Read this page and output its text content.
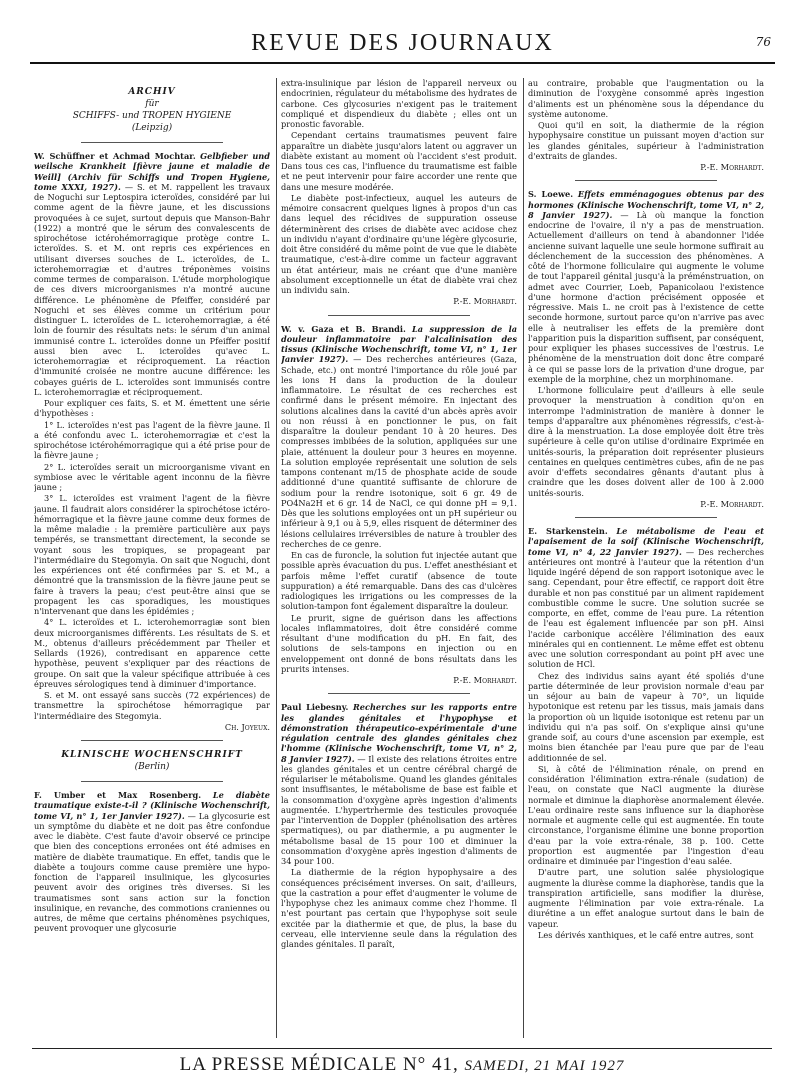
REVUE DES JOURNAUX	76
ARCHIV
für
SCHIFFS- und TROPEN HYGIENE
(Leipzig)

W. Schüffner et Achmad Mochtar. Gelbfieber und weilsche Krankheit [fièvre jaune et maladie de Weill] (Archiv für Schiffs und Tropen Hygiene, tome XXXI, 1927). — S. et M. rappellent les travaux de Noguchi sur Leptospira icteroïdes, considéré par lui comme agent de la fièvre jaune, et les discussions provoquées à ce sujet, surtout depuis que Manson-Bahr (1922) a montré que le sérum des convalescents de spirochétose ictérohémorragique protège contre L. icteroïdes. S. et M. ont repris ces expériences en utilisant diverses souches de L. icteroïdes, de L. icterohemorragiæ et d'autres tréponèmes voisins comme termes de comparaison. L'étude morphologique de ces divers microorganismes n'a montré aucune différence. Le phénomène de Pfeiffer, considéré par Noguchi et ses élèves comme un critérium pour distinguer L. icteroïdes de L. icterohemorragiæ, a été loin de fournir des résultats nets: le sérum d'un animal immunisé contre L. icteroïdes donne un Pfeiffer positif aussi bien avec L. icteroïdes qu'avec L. icterohemorragiæ et réciproquement. La réaction d'immunité croisée ne montre aucune différence: les cobayes guéris de L. icteroïdes sont immunisés contre L. icterohemorragiæ et réciproquement.

Pour expliquer ces faits, S. et M. émettent une série d'hypothèses :

1° L. icteroïdes n'est pas l'agent de la fièvre jaune. Il a été confondu avec L. icterohemorragiæ et c'est la spirochétose ictérohémorragique qui a été prise pour de la fièvre jaune ;

2° L. icteroïdes serait un microorganisme vivant en symbiose avec le véritable agent inconnu de la fièvre jaune ;

3° L. icteroïdes est vraiment l'agent de la fièvre jaune. Il faudrait alors considérer la spirochétose ictéro-hémorragique et la fièvre jaune comme deux formes de la même maladie : la première particulière aux pays tempérés, se transmettant directement, la seconde se voyant sous les tropiques, se propageant par l'intermédiaire du Stegomyia. On sait que Noguchi, dont les expériences ont été confirmées par S. et M., a démontré que la transmission de la fièvre jaune peut se faire à travers la peau; c'est peut-être ainsi que se propagent les cas sporadiques, les moustiques n'intervenant que dans les épidémies ;

4° L. icteroïdes et L. icterohemorragiæ sont bien deux microorganismes différents. Les résultats de S. et M., obtenus d'ailleurs précédemment par Theiler et Sellards (1926), contredisant en apparence cette hypothèse, peuvent s'expliquer par des réactions de groupe. On sait que la valeur spécifique attribuée à ces épreuves sérologiques tend à diminuer d'importance.

S. et M. ont essayé sans succès (72 expériences) de transmettre la spirochétose hémorragique par l'intermédiaire des Stegomyia.

Ch. Joyeux.
KLINISCHE WOCHENSCHRIFT
(Berlin)

F. Umber et Max Rosenberg. Le diabète traumatique existe-t-il ? (Klinische Wochenschrift, tome VI, n° 1, 1er Janvier 1927). — La glycosurie est un symptôme du diabète et ne doit pas être confondue avec le diabète. C'est faute d'avoir observé ce principe que bien des conceptions erronées ont été admises en matière de diabète traumatique. En effet, tandis que le diabète a toujours comme cause première une hypo-fonction de l'appareil insulinique, les glycosuries peuvent avoir des origines très diverses. Si les traumatismes sont sans action sur la fonction insulinique, en revanche, des commotions craniennes ou autres, de même que certains phénomènes psychiques, peuvent provoquer une glycosurie

extra-insulinique par lésion de l'appareil nerveux ou endocrinien, régulateur du métabolisme des hydrates de carbone. Ces glycosuries n'exigent pas le traitement compliqué et dispendieux du diabète ; elles ont un pronostic favorable.

Cependant certains traumatismes peuvent faire apparaître un diabète jusqu'alors latent ou aggraver un diabète existant au moment où l'accident s'est produit. Dans tous ces cas, l'influence du traumatisme est faible et ne peut intervenir pour faire accorder une rente que dans une mesure modérée.

Le diabète post-infectieux, auquel les auteurs de mémoire consacrent quelques lignes à propos d'un cas dans lequel des récidives de suppuration osseuse déterminèrent des crises de diabète avec acidose chez un individu n'ayant d'ordinaire qu'une légère glycosurie, doit être considéré du même point de vue que le diabète traumatique, c'est-à-dire comme un facteur aggravant un état antérieur, mais ne créant que d'une manière absolument exceptionnelle un état de diabète vrai chez un individu sain.

P.-E. Morhardt.

W. v. Gaza et B. Brandi. La suppression de la douleur inflammatoire par l'alcalinisation des tissus (Klinische Wochenschrift, tome VI, n° 1, 1er Janvier 1927). — Des recherches antérieures (Gaza, Schade, etc.) ont montré l'importance du rôle joué par les ions H dans la production de la douleur inflammatoire. Le résultat de ces recherches est confirmé dans le présent mémoire. En injectant des solutions alcalines dans la cavité d'un abcès après avoir ou non réussi à en ponctionner le pus, on fait disparaître la douleur pendant 10 à 20 heures. Des compresses imbibées de la solution, appliquées sur une plaie, atténuent la douleur pour 3 heures en moyenne. La solution employée représentait une solution de sels tampons contenant m/15 de phosphate acide de soude additionné d'une quantité suffisante de chlorure de sodium pour la rendre isotonique, soit 6 gr. 49 de PO4Na2H et 6 gr. 14 de NaCl, ce qui donne pH = 9,1. Dès que les solutions employées ont un pH supérieur ou inférieur à 9,1 ou à 5,9, elles risquent de déterminer des lésions cellulaires irréversibles de nature à troubler des recherches de ce genre.

En cas de furoncle, la solution fut injectée autant que possible après évacuation du pus. L'effet anesthésiant et parfois même l'effet curatif (absence de toute suppuration) a été remarquable. Dans des cas d'ulcères radiologiques les irrigations ou les compresses de la solution-tampon font également disparaître la douleur.

Le prurit, signe de guérison dans les affections locales inflammatoires, doit être considéré comme résultant d'une modification du pH. En fait, des solutions de sels-tampons en injection ou en enveloppement ont donné de bons résultats dans les prurits intenses.

P.-E. Morhardt.

Paul Liebesny. Recherches sur les rapports entre les glandes génitales et l'hypophyse et démonstration thérapeutico-expérimentale d'une régulation centrale des glandes génitales chez l'homme (Klinische Wochenschrift, tome VI, n° 2, 8 Janvier 1927). — Il existe des relations étroites entre les glandes génitales et un centre cérébral chargé de régulariser le métabolisme. Quand les glandes génitales sont insuffisantes, le métabolisme de base est faible et la consommation d'oxygène après ingestion d'aliments augmentée. L'hypertrhermie des testicules provoquée par l'intervention de Doppler (phénolisation des artères spermatiques), ou par diathermie, a pu augmenter le métabolisme basal de 15 pour 100 et diminuer la consommation d'oxygène après ingestion d'aliments de 34 pour 100.

La diathermie de la région hypophysaire a des conséquences précisément inverses. On sait, d'ailleurs, que la castration a pour effet d'augmenter le volume de l'hypophyse chez les animaux comme chez l'homme. Il n'est pourtant pas certain que l'hypophyse soit seule excitée par la diathermie et que, de plus, la base du cerveau, elle intervienne seule dans la régulation des glandes génitales. Il paraît,

au contraire, probable que l'augmentation ou la diminution de l'oxygène consommé après ingestion d'aliments est un phénomène sous la dépendance du système autonome.

Quoi qu'il en soit, la diathermie de la région hypophysaire constitue un puissant moyen d'action sur les glandes génitales, supérieur à l'administration d'extraits de glandes.

P.-E. Morhardt.

S. Loewe. Effets emménagogues obtenus par des hormones (Klinische Wochenschrift, tome VI, n° 2, 8 Janvier 1927). — Là où manque la fonction endocrine de l'ovaire, il n'y a pas de menstruation. Actuellement d'ailleurs on tend à abandonner l'idée ancienne suivant laquelle une seule hormone suffirait au déclenchement de la succession des phénomènes. A côté de l'hormone folliculaire qui augmente le volume de tout l'appareil génital jusqu'à la préménstruation, on admet avec Courrier, Loeb, Papanicolaou l'existence d'une hormone d'action précisément opposée et régressive. Mais L. ne croit pas à l'existence de cette seconde hormone, surtout parce qu'on n'arrive pas avec elle à neutraliser les effets de la première dont l'apparition puis la disparition suffisent, par conséquent, pour expliquer les phases successives de l'œstrus. Le phénomène de la menstruation doit donc être comparé à ce qui se passe lors de la privation d'une drogue, par exemple de la morphine, chez un morphinomane.

L'hormone folliculaire peut d'ailleurs à elle seule provoquer la menstruation à condition qu'on en interrompe l'administration de manière à donner le temps d'apparaître aux phénomènes régressifs, c'est-à-dire à la menstruation. La dose employée doit être très supérieure à celle qu'on utilise d'ordinaire Exprimée en unités-souris, la préparation doit représenter plusieurs centaines en quelques centimètres cubes, afin de ne pas avoir d'effets secondaires gênants d'autant plus à craindre que les doses doivent aller de 100 à 2.000 unités-souris.

P.-E. Morhardt.

E. Starkenstein. Le métabolisme de l'eau et l'apaisement de la soif (Klinische Wochenschrift, tome VI, n° 4, 22 Janvier 1927). — Des recherches antérieures ont montré à l'auteur que la rétention d'un liquide ingéré dépend de son rapport isotonique avec le sang. Cependant, pour être effectif, ce rapport doit être durable et non pas constitué par un aliment rapidement combustible comme le sucre. Une solution sucrée se comporte, en effet, comme de l'eau pure. La rétention de l'eau est également influencée par son pH. Ainsi l'acide carbonique accélère l'élimination des eaux minérales qui en contiennent. Le même effet est obtenu avec une solution correspondant au point pH avec une solution de HCl.

Chez des individus sains ayant été spoliés d'une partie déterminée de leur provision normale d'eau par un séjour au bain de vapeur à 70°, un liquide hypotonique est retenu par les tissus, mais jamais dans la proportion où un liquide isotonique est retenu par un individu qui n'a pas soif. On s'explique ainsi qu'une grande soif, au cours d'une ascension par exemple, est moins bien étanchée par l'eau pure que par de l'eau additionnée de sel.

Si, à côté de l'élimination rénale, on prend en considération l'élimination extra-rénale (sudation) de l'eau, on constate que NaCl augmente la diurèse normale et diminue la diaphorèse anormalement élevée. L'eau ordinaire reste sans influence sur la diaphorèse normale et augmente celle qui est augmentée. En toute circonstance, l'organisme élimine une bonne proportion d'eau par la voie extra-rénale, 38 p. 100. Cette proportion est augmentée par l'ingestion d'eau ordinaire et diminuée par l'ingestion d'eau salée.

D'autre part, une solution salée physiologique augmente la diurèse comme la diaphorèse, tandis que la transpiration artificielle, sans modifier la diurèse, augmente l'élimination par voie extra-rénale. La diurétine a un effet analogue surtout dans le bain de vapeur.

Les dérivés xanthiques, et le café entre autres, sont

LA PRESSE MÉDICALE N° 41, SAMEDI, 21 MAI 1927
